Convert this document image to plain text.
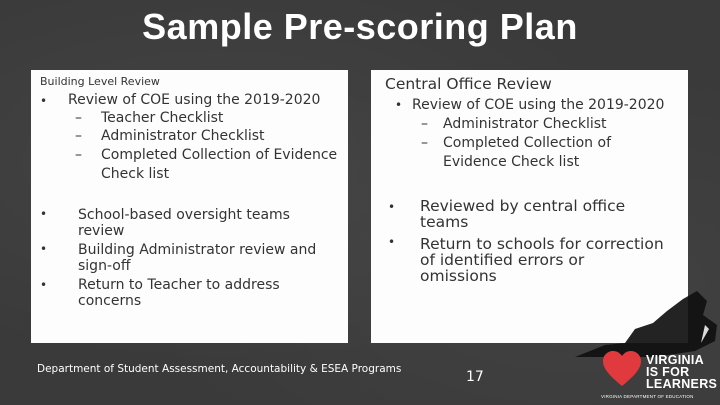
Sample Pre-scoring Plan
Building Level Review
• Review of COE using the 2019-2020
– Teacher Checklist
– Administrator Checklist
– Completed Collection of Evidence
Check list
• School-based oversight teams
review
• Building Administrator review and
sign-off
• Return to Teacher to address
concerns
Central Office Review
• Review of COE using the 2019-2020
– Administrator Checklist
– Completed Collection of
Evidence Check list
• Reviewed by central office
teams
• Return to schools for correction
of identified errors or
omissions
Department of Student Assessment, Accountability & ESEA Programs	17
VIRGINIA
IS FOR
LEARNERS
VIRGINIA DEPARTMENT OF EDUCATION
